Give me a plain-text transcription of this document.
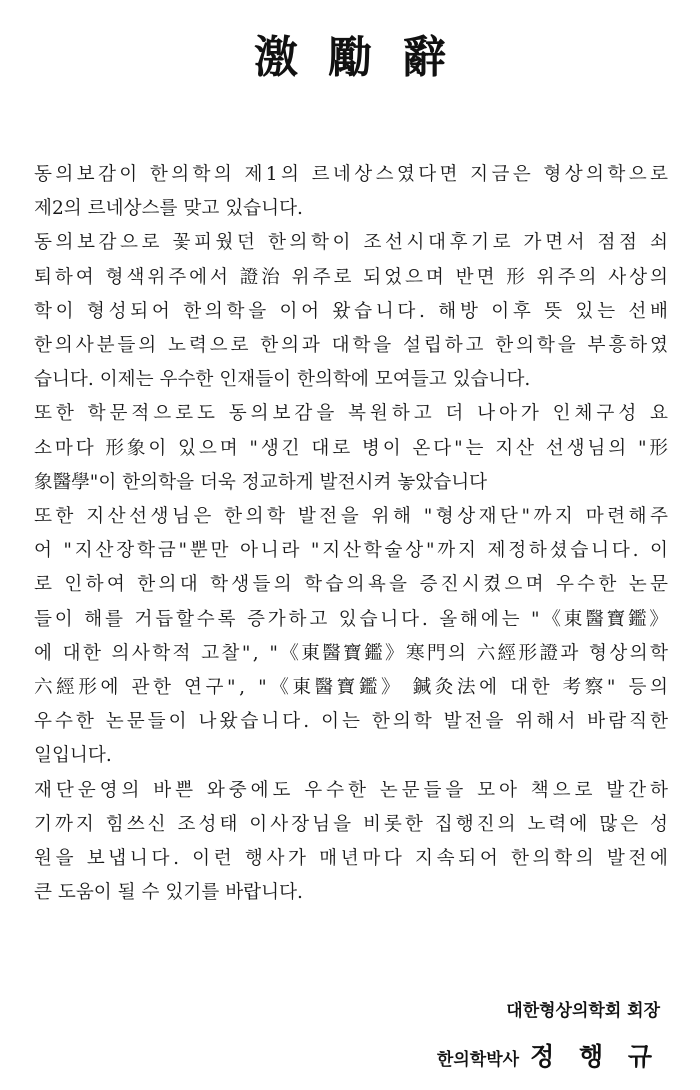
激勵辭
동의보감이 한의학의 제1의 르네상스였다면 지금은 형상의학으로
제2의 르네상스를 맞고 있습니다.
동의보감으로 꽃피웠던 한의학이 조선시대후기로 가면서 점점 쇠
퇴하여 형색위주에서 證治 위주로 되었으며 반면 形 위주의 사상의
학이 형성되어 한의학을 이어 왔습니다. 해방 이후 뜻 있는 선배
한의사분들의 노력으로 한의과 대학을 설립하고 한의학을 부흥하였
습니다. 이제는 우수한 인재들이 한의학에 모여들고 있습니다.
또한 학문적으로도 동의보감을 복원하고 더 나아가 인체구성 요
소마다 形象이 있으며 "생긴 대로 병이 온다"는 지산 선생님의 "形
象醫學"이 한의학을 더욱 정교하게 발전시켜 놓았습니다
또한 지산선생님은 한의학 발전을 위해 "형상재단"까지 마련해주
어 "지산장학금"뿐만 아니라 "지산학술상"까지 제정하셨습니다. 이
로 인하여 한의대 학생들의 학습의욕을 증진시켰으며 우수한 논문
들이 해를 거듭할수록 증가하고 있습니다. 올해에는 "《東醫寶鑑》
에 대한 의사학적 고찰", "《東醫寶鑑》寒門의 六經形證과 형상의학
六經形에 관한 연구", "《東醫寶鑑》 鍼灸法에 대한 考察" 등의
우수한 논문들이 나왔습니다. 이는 한의학 발전을 위해서 바람직한
일입니다.
재단운영의 바쁜 와중에도 우수한 논문들을 모아 책으로 발간하
기까지 힘쓰신 조성태 이사장님을 비롯한 집행진의 노력에 많은 성
원을 보냅니다. 이런 행사가 매년마다 지속되어 한의학의 발전에
큰 도움이 될 수 있기를 바랍니다.
대한형상의학회 회장
한의학박사 정 행 규
